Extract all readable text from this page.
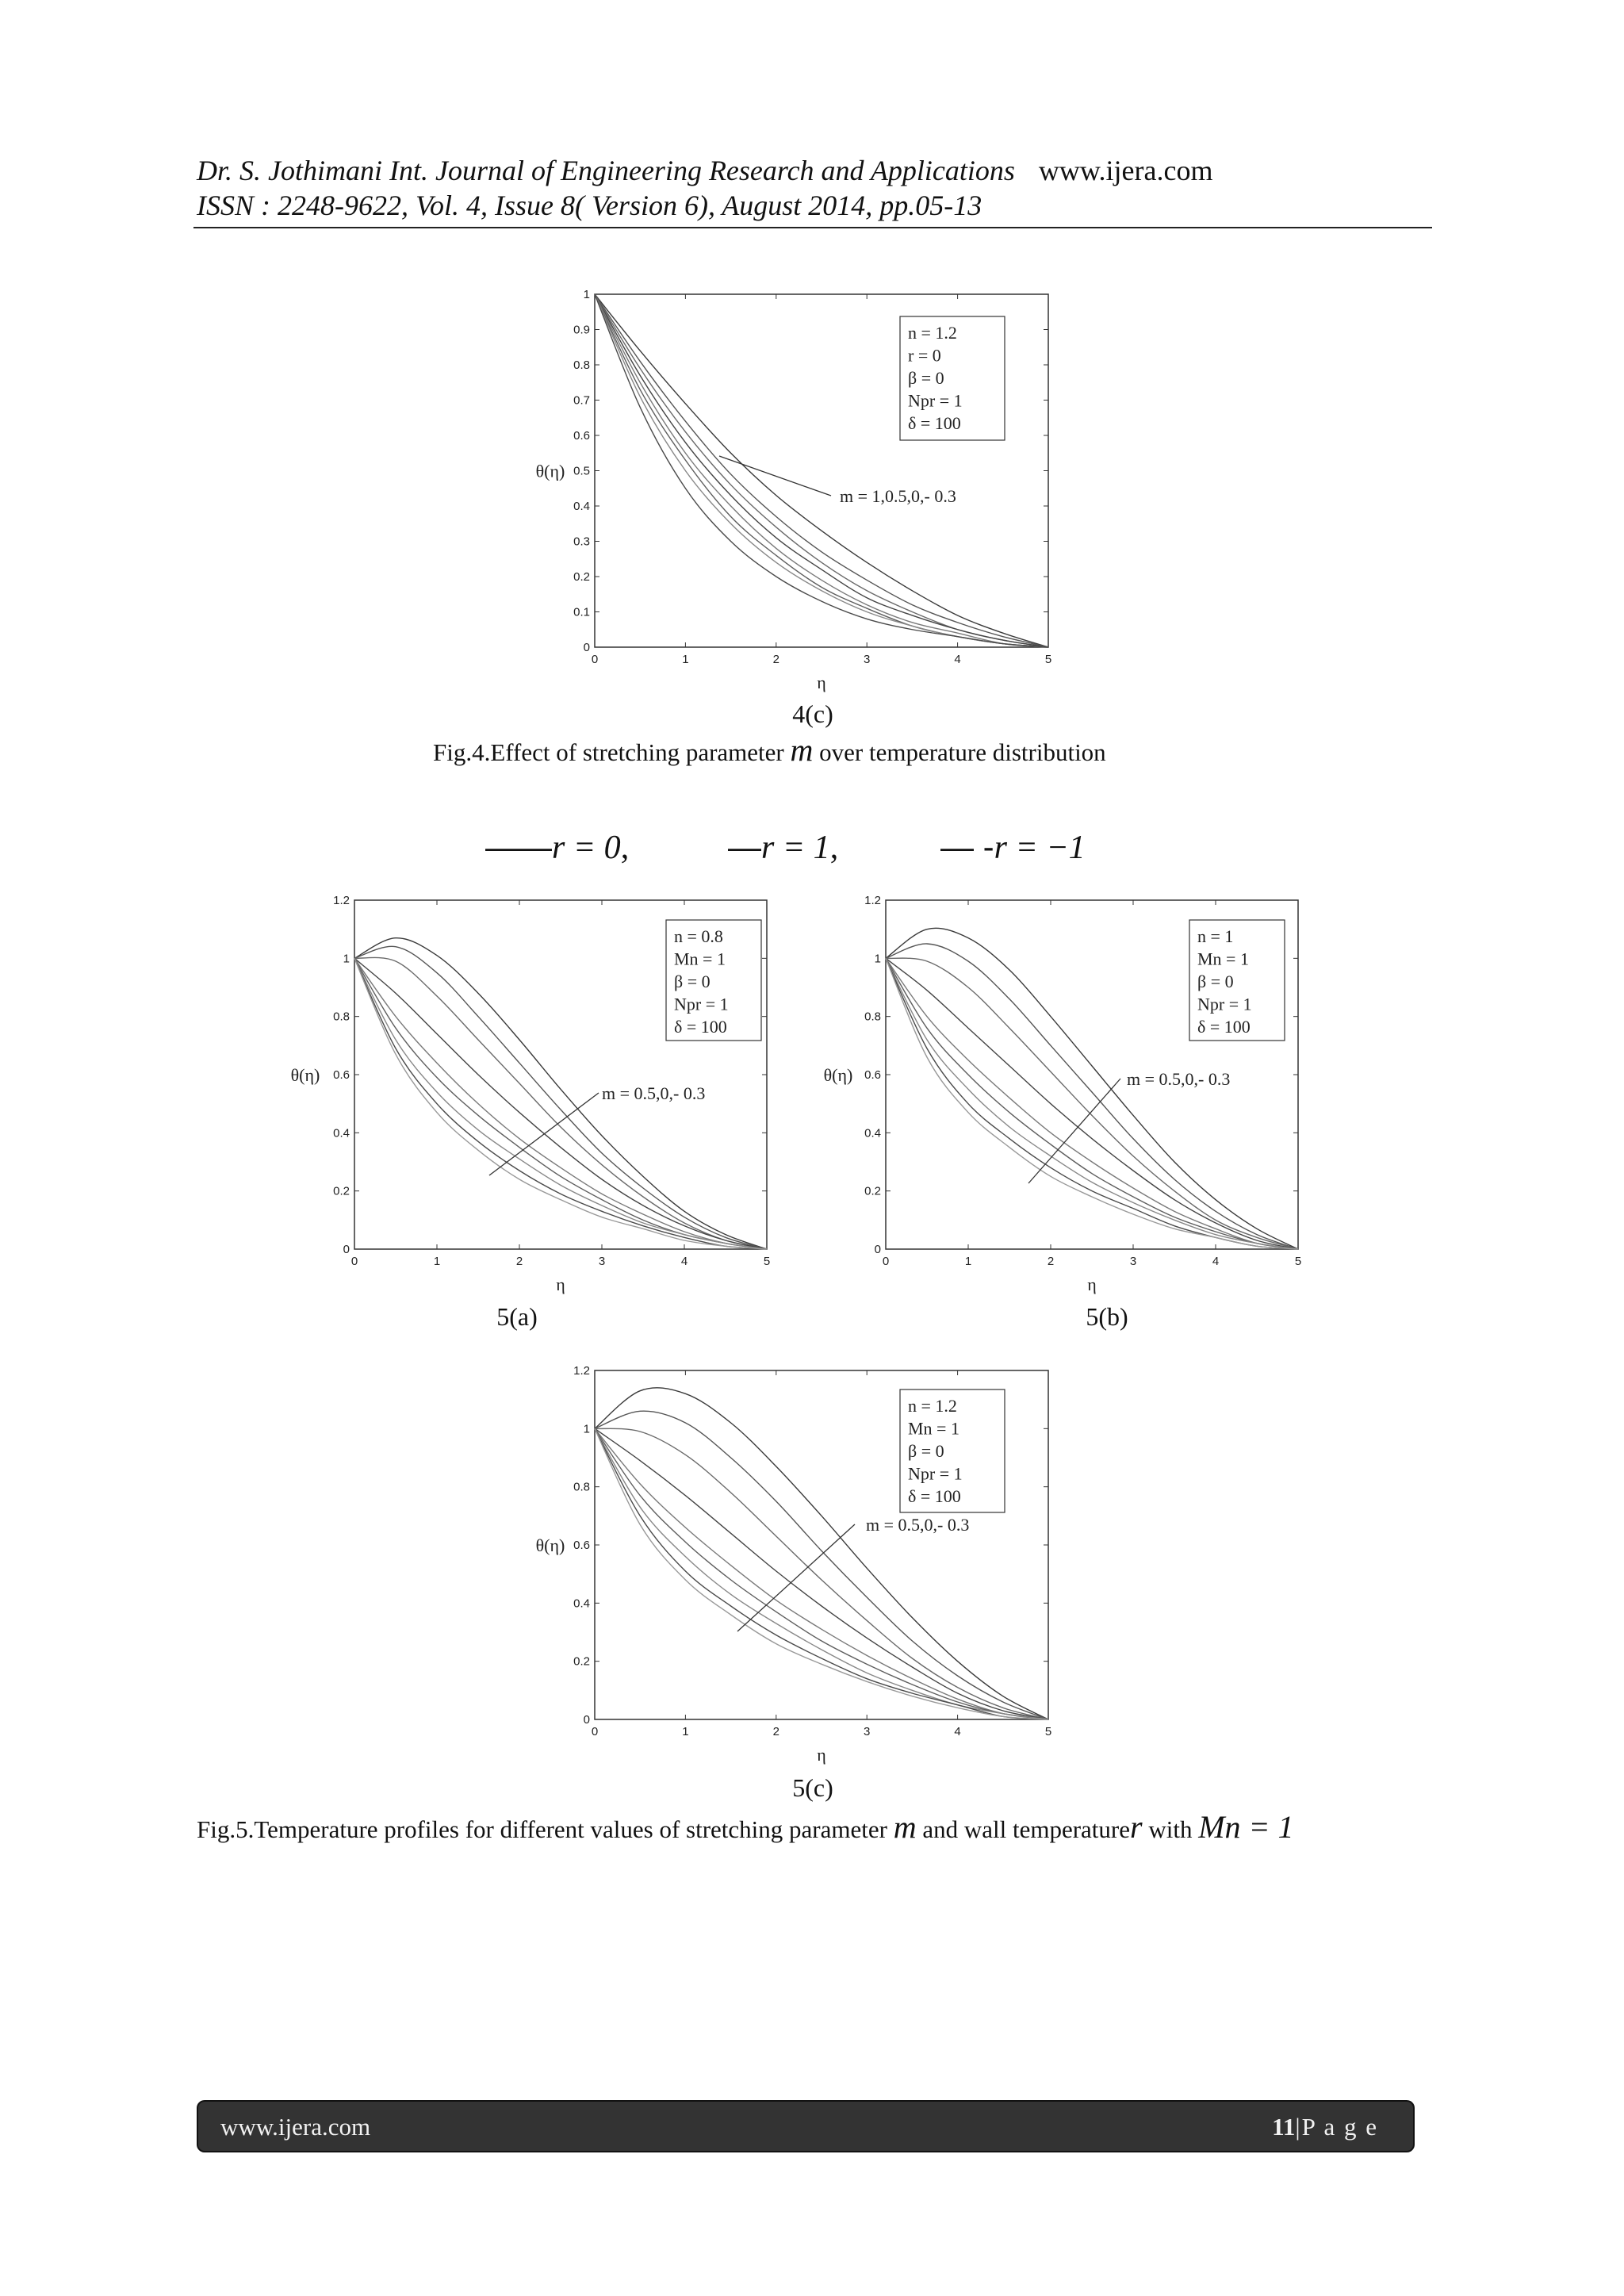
Dr. S. Jothimani Int. Journal of Engineering Research and Applications www.ijera.com
ISSN : 2248-9622, Vol. 4, Issue 8( Version 6), August 2014, pp.05-13
0	1	2	3	4	5
0
0.1
0.2
0.3
0.4
0.5
0.6
0.7
0.8
0.9
1
η
θ(η)
n = 1.2
r = 0
β = 0
Npr = 1
δ = 100
m = 1,0.5,0,- 0.3
4(c)
Fig.4.Effect of stretching parameter m over temperature distribution
——r = 0,	—r = 1,	— -r = −1
0	1	2	3	4	5
0
0.2
0.4
0.6
0.8
1
1.2
η
θ(η)
n = 0.8
Mn = 1
β = 0
Npr = 1
δ = 100
m = 0.5,0,- 0.3
5(a)
0	1	2	3	4	5
0
0.2
0.4
0.6
0.8
1
1.2
η
θ(η)
n = 1
Mn = 1
β = 0
Npr = 1
δ = 100
m = 0.5,0,- 0.3
5(b)
0	1	2	3	4	5
0
0.2
0.4
0.6
0.8
1
1.2
η
θ(η)
n = 1.2
Mn = 1
β = 0
Npr = 1
δ = 100
m = 0.5,0,- 0.3
5(c)
Fig.5.Temperature profiles for different values of stretching parameter m and wall temperaturer with Mn = 1
www.ijera.com	11|P a g e
